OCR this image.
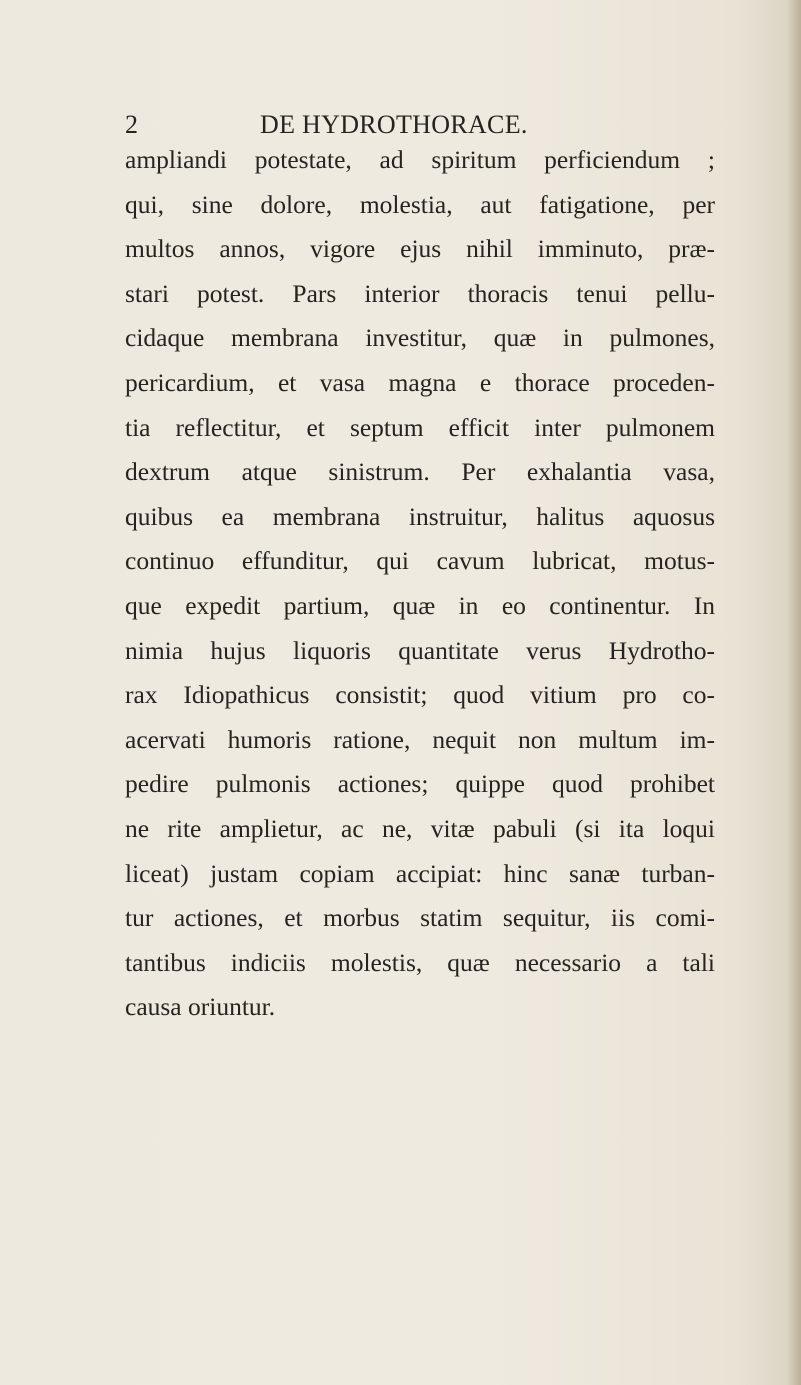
2	DE HYDROTHORACE.
ampliandi potestate, ad spiritum perficiendum ;
qui, sine dolore, molestia, aut fatigatione, per
multos annos, vigore ejus nihil imminuto, præ-
stari potest. Pars interior thoracis tenui pellu-
cidaque membrana investitur, quæ in pulmones,
pericardium, et vasa magna e thorace proceden-
tia reflectitur, et septum efficit inter pulmonem
dextrum atque sinistrum. Per exhalantia vasa,
quibus ea membrana instruitur, halitus aquosus
continuo effunditur, qui cavum lubricat, motus-
que expedit partium, quæ in eo continentur. In
nimia hujus liquoris quantitate verus Hydrotho-
rax Idiopathicus consistit; quod vitium pro co-
acervati humoris ratione, nequit non multum im-
pedire pulmonis actiones; quippe quod prohibet
ne rite amplietur, ac ne, vitæ pabuli (si ita loqui
liceat) justam copiam accipiat: hinc sanæ turban-
tur actiones, et morbus statim sequitur, iis comi-
tantibus indiciis molestis, quæ necessario a tali
causa oriuntur.
